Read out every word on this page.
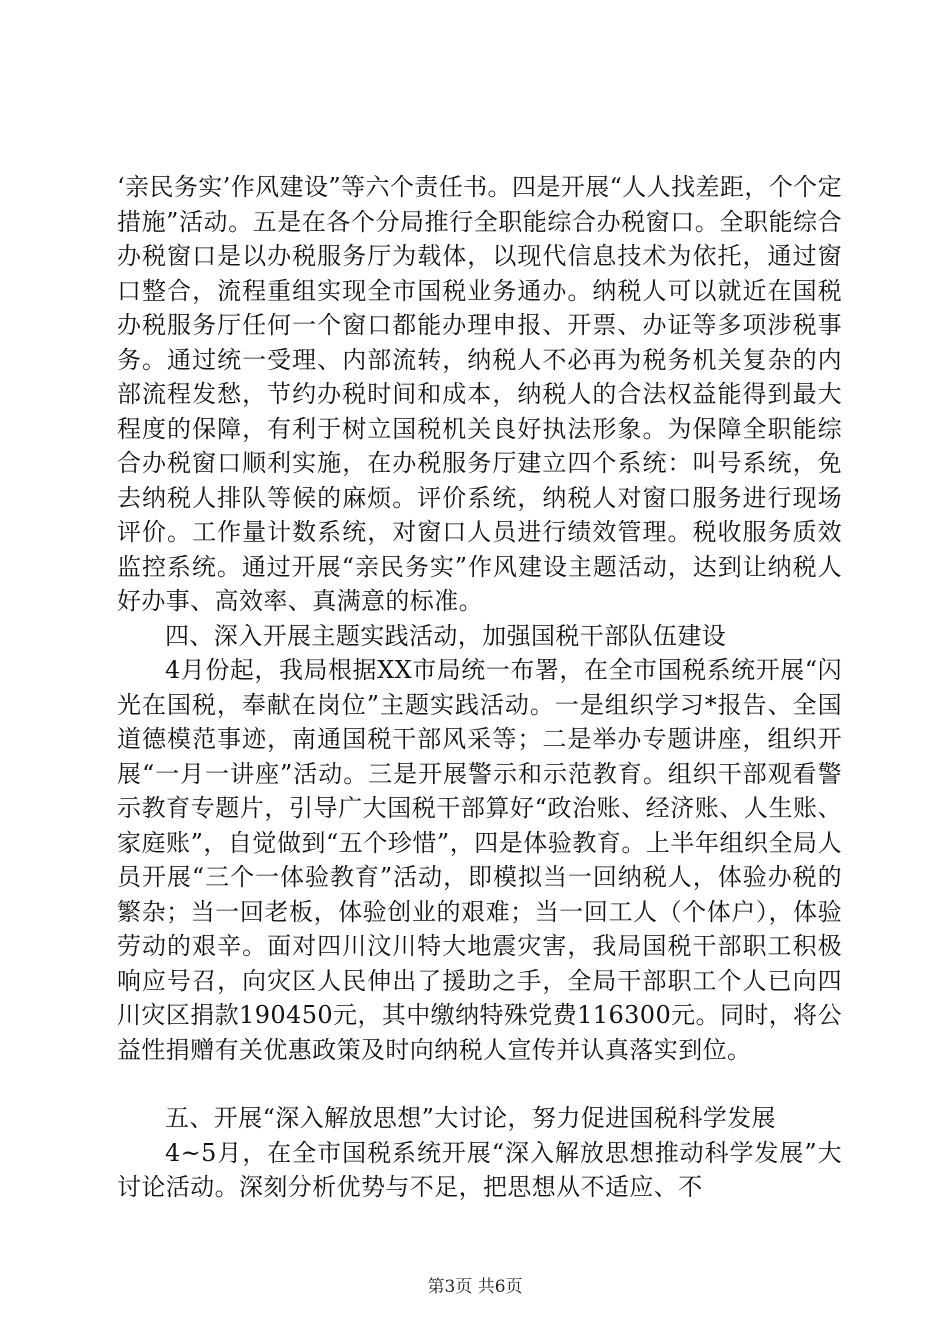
‘亲民务实’作风建设”等六个责任书。四是开展“人人找差距，个个定措施”活动。五是在各个分局推行全职能综合办税窗口。全职能综合办税窗口是以办税服务厅为载体，以现代信息技术为依托，通过窗口整合，流程重组实现全市国税业务通办。纳税人可以就近在国税办税服务厅任何一个窗口都能办理申报、开票、办证等多项涉税事务。通过统一受理、内部流转，纳税人不必再为税务机关复杂的内部流程发愁，节约办税时间和成本，纳税人的合法权益能得到最大程度的保障，有利于树立国税机关良好执法形象。为保障全职能综合办税窗口顺利实施，在办税服务厅建立四个系统：叫号系统，免去纳税人排队等候的麻烦。评价系统，纳税人对窗口服务进行现场评价。工作量计数系统，对窗口人员进行绩效管理。税收服务质效监控系统。通过开展“亲民务实”作风建设主题活动，达到让纳税人好办事、高效率、真满意的标准。

四、深入开展主题实践活动，加强国税干部队伍建设

4月份起，我局根据XX市局统一布署，在全市国税系统开展“闪光在国税，奉献在岗位”主题实践活动。一是组织学习*报告、全国道德模范事迹，南通国税干部风采等；二是举办专题讲座，组织开展“一月一讲座”活动。三是开展警示和示范教育。组织干部观看警示教育专题片，引导广大国税干部算好“政治账、经济账、人生账、家庭账”，自觉做到“五个珍惜”，四是体验教育。上半年组织全局人员开展“三个一体验教育”活动，即模拟当一回纳税人，体验办税的繁杂；当一回老板，体验创业的艰难；当一回工人（个体户），体验劳动的艰辛。面对四川汶川特大地震灾害，我局国税干部职工积极响应号召，向灾区人民伸出了援助之手，全局干部职工个人已向四川灾区捐款190450元，其中缴纳特殊党费116300元。同时，将公益性捐赠有关优惠政策及时向纳税人宣传并认真落实到位。

五、开展“深入解放思想”大讨论，努力促进国税科学发展

4~5月，在全市国税系统开展“深入解放思想推动科学发展”大讨论活动。深刻分析优势与不足，把思想从不适应、不

第3页 共6页
